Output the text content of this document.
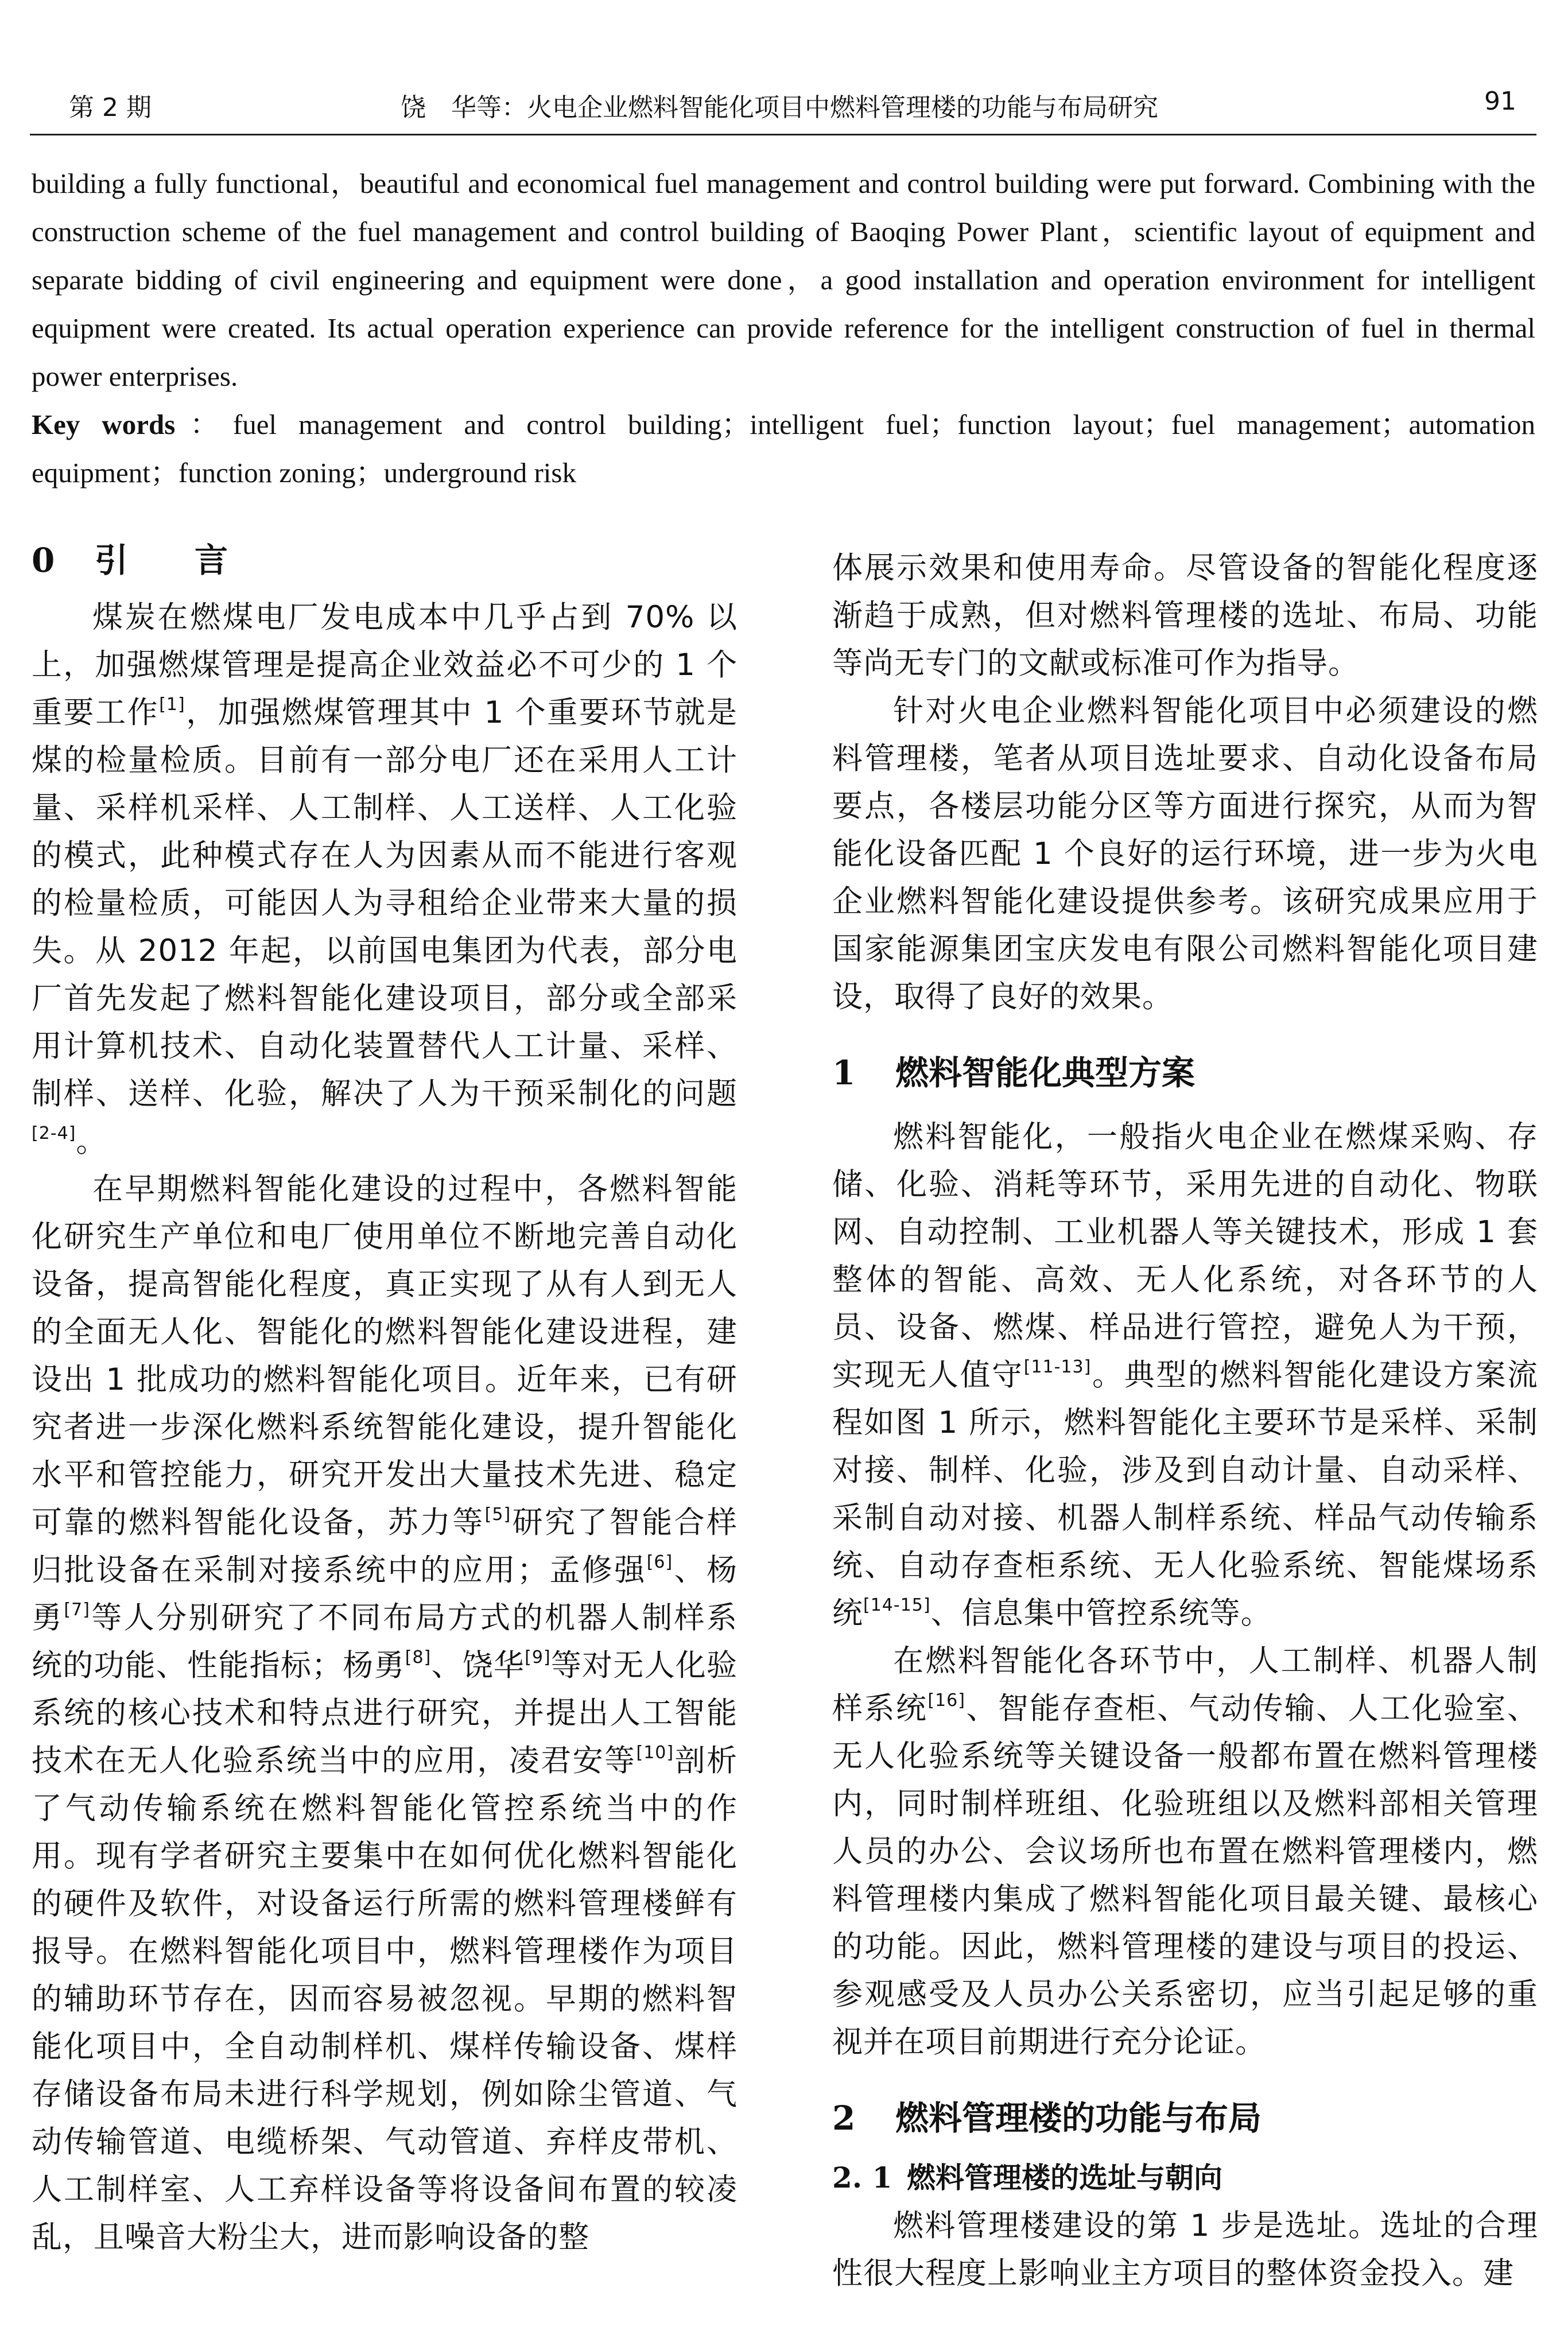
第 2 期	饶　华等：火电企业燃料智能化项目中燃料管理楼的功能与布局研究	91

building a fully functional，beautiful and economical fuel management and control building were put forward. Combining with the construction scheme of the fuel management and control building of Baoqing Power Plant，scientific layout of equipment and separate bidding of civil engineering and equipment were done，a good installation and operation environment for intelligent equipment were created. Its actual operation experience can provide reference for the intelligent construction of fuel in thermal power enterprises.

Key words：fuel management and control building；intelligent fuel；function layout；fuel management；automation equipment；function zoning；underground risk

0 引　　言

煤炭在燃煤电厂发电成本中几乎占到 70% 以上，加强燃煤管理是提高企业效益必不可少的 1 个重要工作[1]，加强燃煤管理其中 1 个重要环节就是煤的检量检质。目前有一部分电厂还在采用人工计量、采样机采样、人工制样、人工送样、人工化验的模式，此种模式存在人为因素从而不能进行客观的检量检质，可能因人为寻租给企业带来大量的损失。从 2012 年起，以前国电集团为代表，部分电厂首先发起了燃料智能化建设项目，部分或全部采用计算机技术、自动化装置替代人工计量、采样、制样、送样、化验，解决了人为干预采制化的问题[2-4]。

在早期燃料智能化建设的过程中，各燃料智能化研究生产单位和电厂使用单位不断地完善自动化设备，提高智能化程度，真正实现了从有人到无人的全面无人化、智能化的燃料智能化建设进程，建设出 1 批成功的燃料智能化项目。近年来，已有研究者进一步深化燃料系统智能化建设，提升智能化水平和管控能力，研究开发出大量技术先进、稳定可靠的燃料智能化设备，苏力等[5]研究了智能合样归批设备在采制对接系统中的应用；孟修强[6]、杨勇[7]等人分别研究了不同布局方式的机器人制样系统的功能、性能指标；杨勇[8]、饶华[9]等对无人化验系统的核心技术和特点进行研究，并提出人工智能技术在无人化验系统当中的应用，凌君安等[10]剖析了气动传输系统在燃料智能化管控系统当中的作用。现有学者研究主要集中在如何优化燃料智能化的硬件及软件，对设备运行所需的燃料管理楼鲜有报导。在燃料智能化项目中，燃料管理楼作为项目的辅助环节存在，因而容易被忽视。早期的燃料智能化项目中，全自动制样机、煤样传输设备、煤样存储设备布局未进行科学规划，例如除尘管道、气动传输管道、电缆桥架、气动管道、弃样皮带机、人工制样室、人工弃样设备等将设备间布置的较凌乱，且噪音大粉尘大，进而影响设备的整

体展示效果和使用寿命。尽管设备的智能化程度逐渐趋于成熟，但对燃料管理楼的选址、布局、功能等尚无专门的文献或标准可作为指导。

针对火电企业燃料智能化项目中必须建设的燃料管理楼，笔者从项目选址要求、自动化设备布局要点，各楼层功能分区等方面进行探究，从而为智能化设备匹配 1 个良好的运行环境，进一步为火电企业燃料智能化建设提供参考。该研究成果应用于国家能源集团宝庆发电有限公司燃料智能化项目建设，取得了良好的效果。

1 燃料智能化典型方案

燃料智能化，一般指火电企业在燃煤采购、存储、化验、消耗等环节，采用先进的自动化、物联网、自动控制、工业机器人等关键技术，形成 1 套整体的智能、高效、无人化系统，对各环节的人员、设备、燃煤、样品进行管控，避免人为干预，实现无人值守[11-13]。典型的燃料智能化建设方案流程如图 1 所示，燃料智能化主要环节是采样、采制对接、制样、化验，涉及到自动计量、自动采样、采制自动对接、机器人制样系统、样品气动传输系统、自动存查柜系统、无人化验系统、智能煤场系统[14-15]、信息集中管控系统等。

在燃料智能化各环节中，人工制样、机器人制样系统[16]、智能存查柜、气动传输、人工化验室、无人化验系统等关键设备一般都布置在燃料管理楼内，同时制样班组、化验班组以及燃料部相关管理人员的办公、会议场所也布置在燃料管理楼内，燃料管理楼内集成了燃料智能化项目最关键、最核心的功能。因此，燃料管理楼的建设与项目的投运、参观感受及人员办公关系密切，应当引起足够的重视并在项目前期进行充分论证。

2 燃料管理楼的功能与布局
2. 1 燃料管理楼的选址与朝向

燃料管理楼建设的第 1 步是选址。选址的合理性很大程度上影响业主方项目的整体资金投入。建
